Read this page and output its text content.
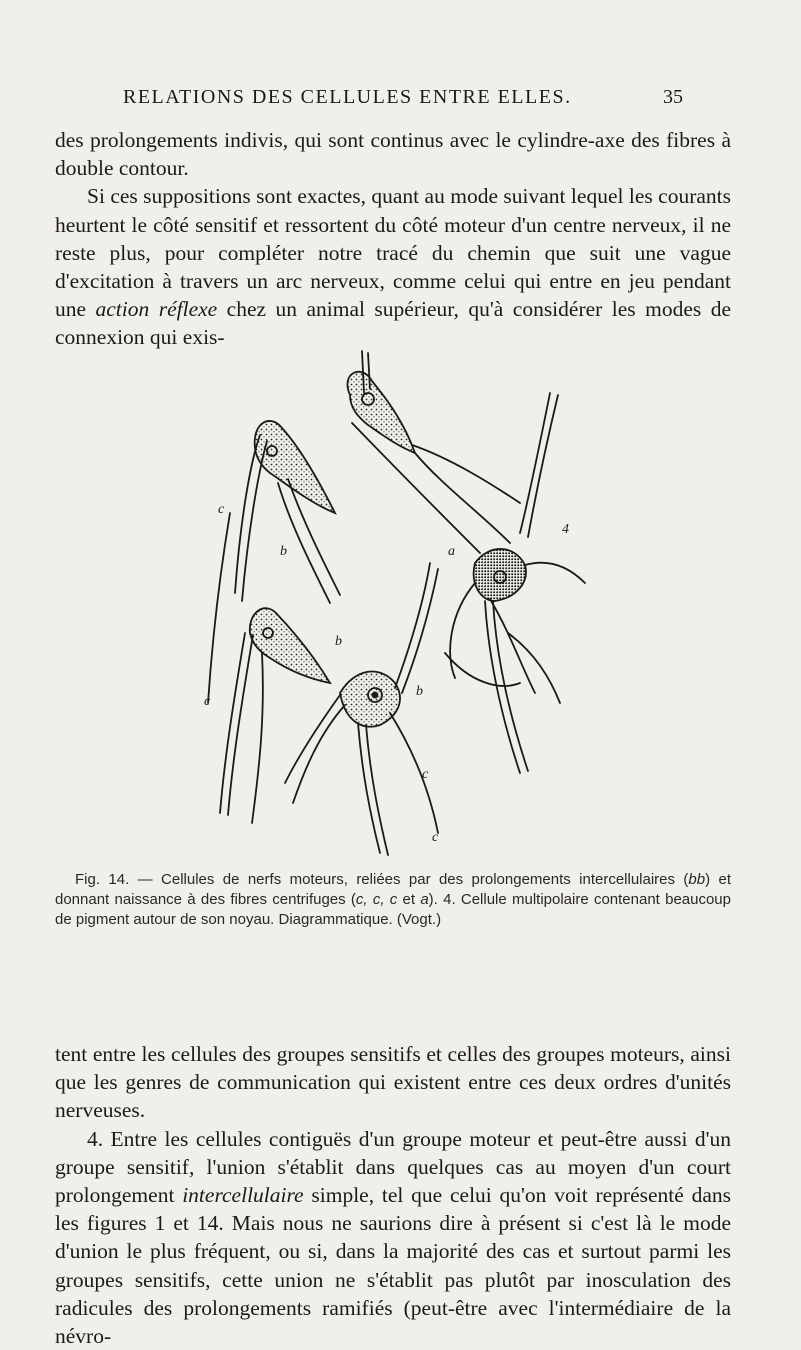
RELATIONS DES CELLULES ENTRE ELLES.	35

des prolongements indivis, qui sont continus avec le cylindre-axe des fibres à double contour.

Si ces suppositions sont exactes, quant au mode suivant lequel les courants heurtent le côté sensitif et ressortent du côté moteur d'un centre nerveux, il ne reste plus, pour compléter notre tracé du chemin que suit une vague d'excitation à travers un arc nerveux, comme celui qui entre en jeu pendant une action réflexe chez un animal supérieur, qu'à considérer les modes de connexion qui exis-

a
b
b
b
c
c
c
c
4

Fig. 14. — Cellules de nerfs moteurs, reliées par des prolongements intercellulaires (bb) et donnant naissance à des fibres centrifuges (c, c, c et a). 4. Cellule multipolaire contenant beaucoup de pigment autour de son noyau. Diagrammatique. (Vogt.)

tent entre les cellules des groupes sensitifs et celles des groupes moteurs, ainsi que les genres de communication qui existent entre ces deux ordres d'unités nerveuses.

4. Entre les cellules contiguës d'un groupe moteur et peut-être aussi d'un groupe sensitif, l'union s'établit dans quelques cas au moyen d'un court prolongement intercellulaire simple, tel que celui qu'on voit représenté dans les figures 1 et 14. Mais nous ne saurions dire à présent si c'est là le mode d'union le plus fréquent, ou si, dans la majorité des cas et surtout parmi les groupes sensitifs, cette union ne s'établit pas plutôt par inosculation des radicules des prolongements ramifiés (peut-être avec l'intermédiaire de la névro-
